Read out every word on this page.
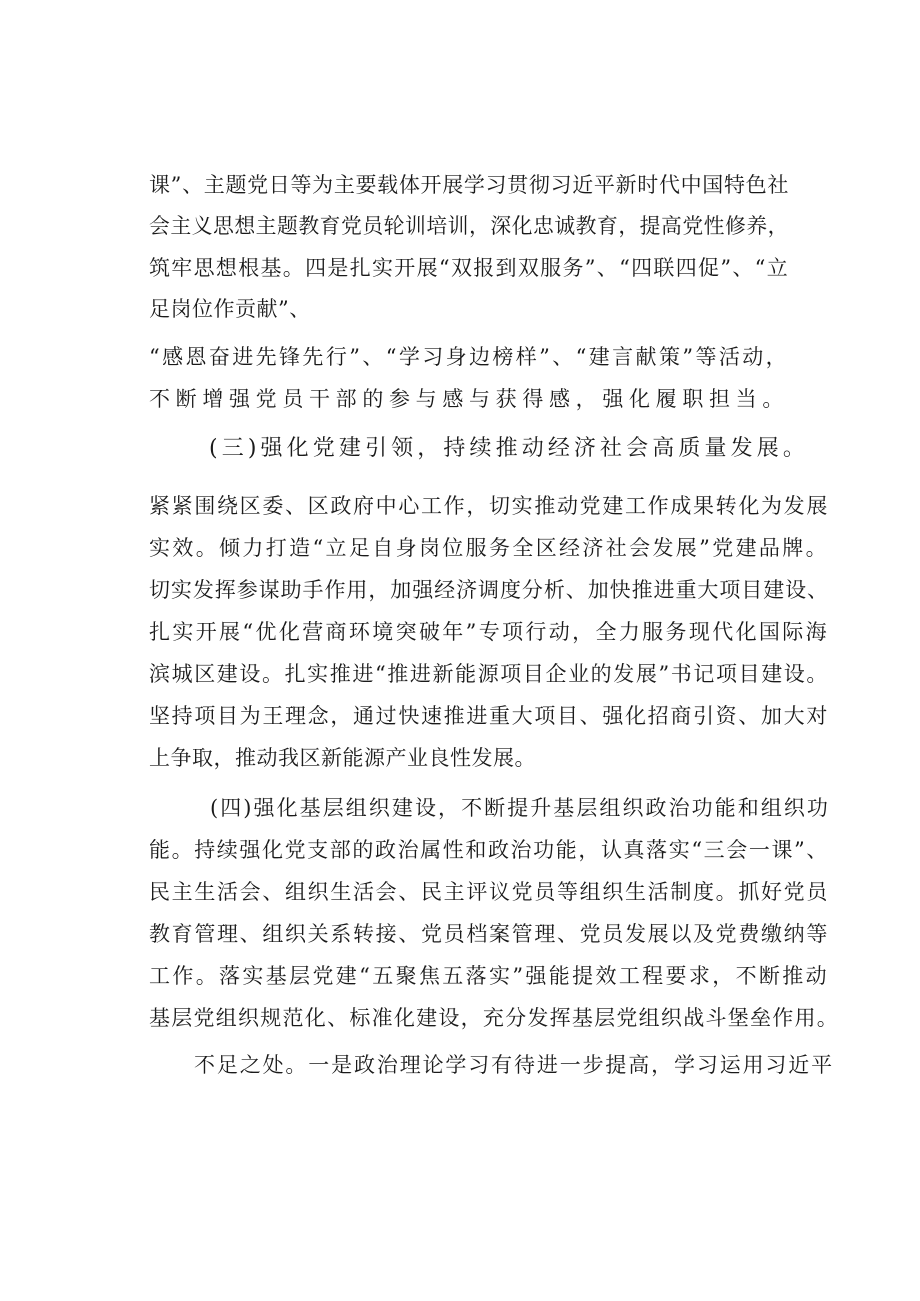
课”、主题党日等为主要载体开展学习贯彻习近平新时代中国特色社
会主义思想主题教育党员轮训培训，深化忠诚教育，提高党性修养，
筑牢思想根基。四是扎实开展“双报到双服务”、“四联四促”、“立
足岗位作贡献”、
“感恩奋进先锋先行”、“学习身边榜样”、“建言献策”等活动，
不断增强党员干部的参与感与获得感，强化履职担当。
(三)强化党建引领，持续推动经济社会高质量发展。
紧紧围绕区委、区政府中心工作，切实推动党建工作成果转化为发展
实效。倾力打造“立足自身岗位服务全区经济社会发展”党建品牌。
切实发挥参谋助手作用，加强经济调度分析、加快推进重大项目建设、
扎实开展“优化营商环境突破年”专项行动，全力服务现代化国际海
滨城区建设。扎实推进“推进新能源项目企业的发展”书记项目建设。
坚持项目为王理念，通过快速推进重大项目、强化招商引资、加大对
上争取，推动我区新能源产业良性发展。
(四)强化基层组织建设，不断提升基层组织政治功能和组织功
能。持续强化党支部的政治属性和政治功能，认真落实“三会一课”、
民主生活会、组织生活会、民主评议党员等组织生活制度。抓好党员
教育管理、组织关系转接、党员档案管理、党员发展以及党费缴纳等
工作。落实基层党建“五聚焦五落实”强能提效工程要求，不断推动
基层党组织规范化、标准化建设，充分发挥基层党组织战斗堡垒作用。
不足之处。一是政治理论学习有待进一步提高，学习运用习近平
